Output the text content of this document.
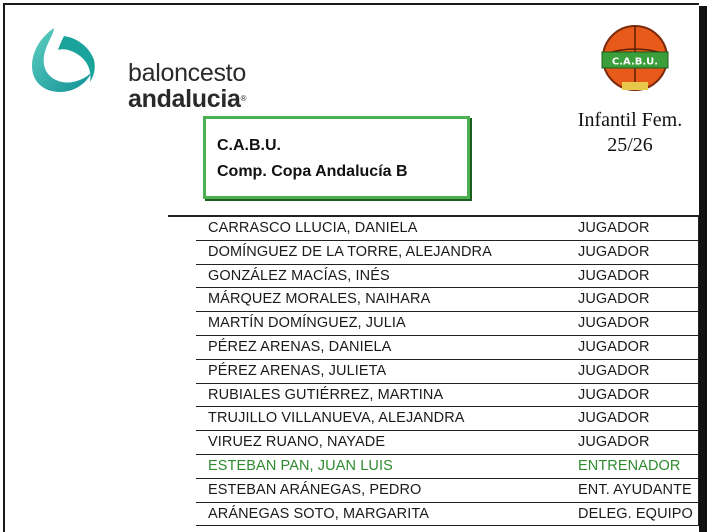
baloncesto
andalucia®
C.A.B.U.
Infantil Fem.
25/26
C.A.B.U.
Comp. Copa Andalucía B
CARRASCO LLUCIA, DANIELA	JUGADOR
DOMÍNGUEZ DE LA TORRE, ALEJANDRA	JUGADOR
GONZÁLEZ MACÍAS, INÉS	JUGADOR
MÁRQUEZ MORALES, NAIHARA	JUGADOR
MARTÍN DOMÍNGUEZ, JULIA	JUGADOR
PÉREZ ARENAS, DANIELA	JUGADOR
PÉREZ ARENAS, JULIETA	JUGADOR
RUBIALES GUTIÉRREZ, MARTINA	JUGADOR
TRUJILLO VILLANUEVA, ALEJANDRA	JUGADOR
VIRUEZ RUANO, NAYADE	JUGADOR
ESTEBAN PAN, JUAN LUIS	ENTRENADOR
ESTEBAN ARÁNEGAS, PEDRO	ENT. AYUDANTE
ARÁNEGAS SOTO, MARGARITA	DELEG. EQUIPO
